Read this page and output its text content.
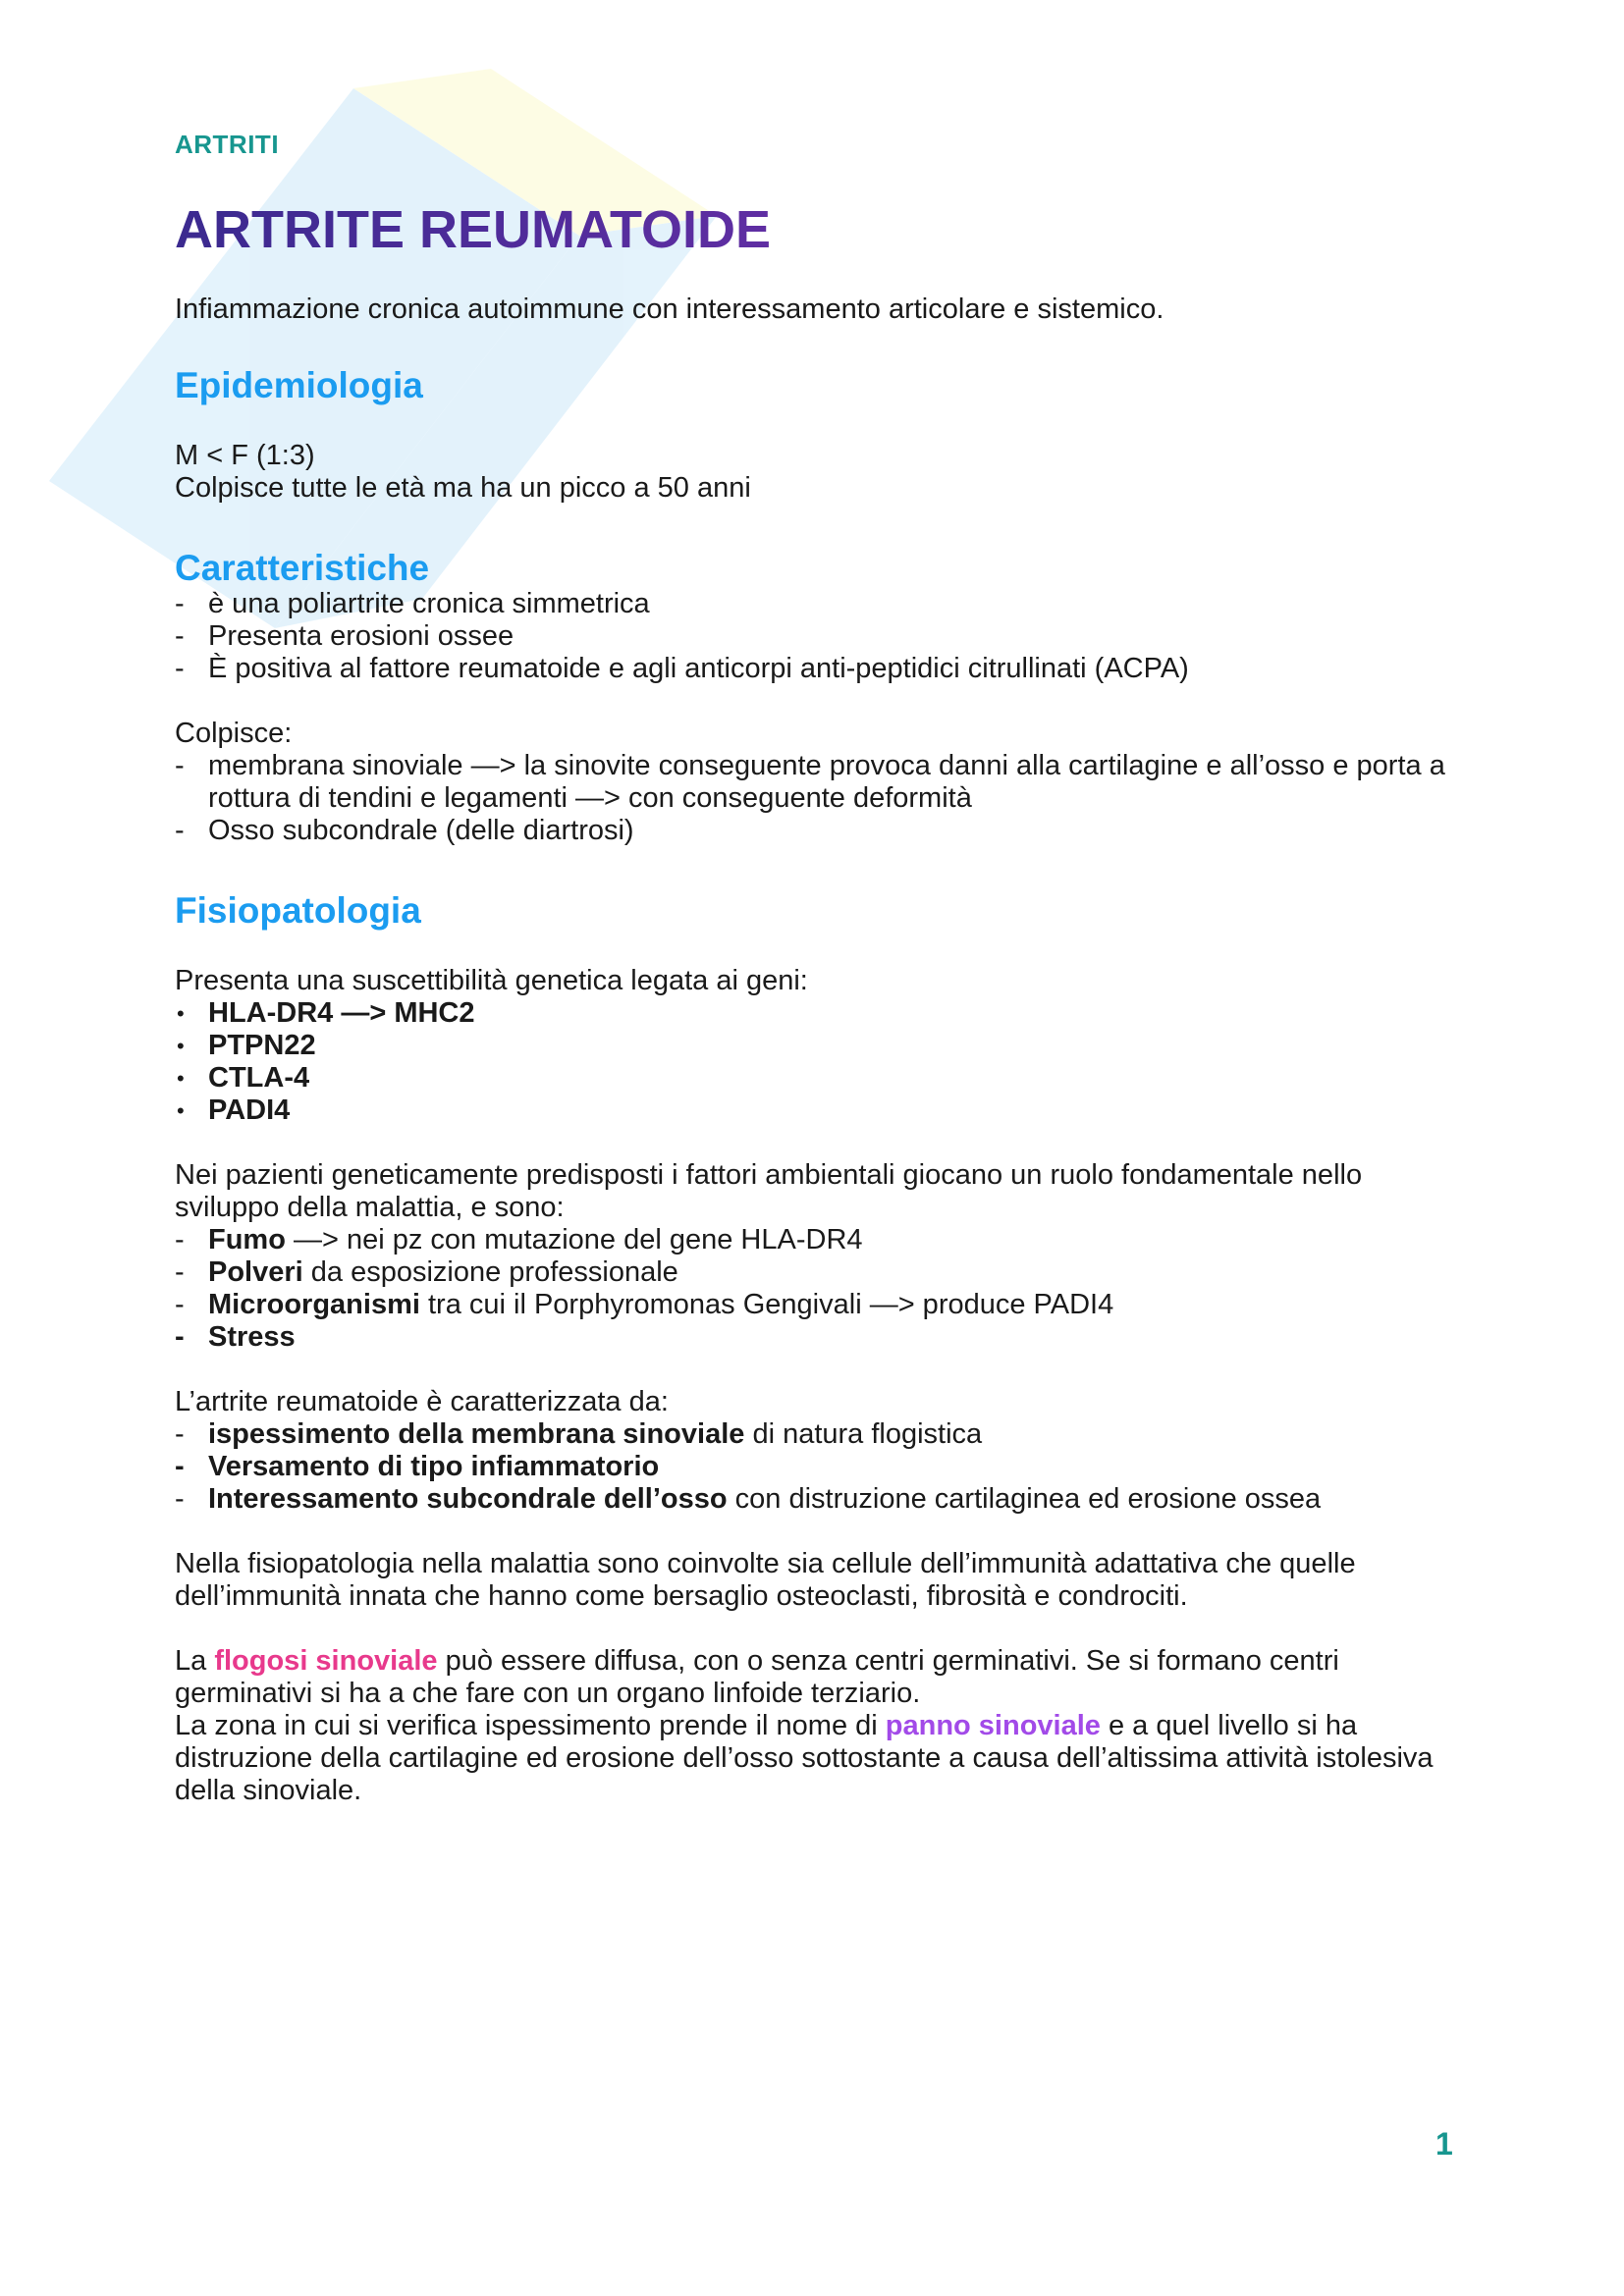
ARTRITI
ARTRITE REUMATOIDE

Infiammazione cronica autoimmune con interessamento articolare e sistemico.

Epidemiologia

M < F (1:3)

Colpisce tutte le età ma ha un picco a 50 anni

Caratteristiche
- è una poliartrite cronica simmetrica
- Presenta erosioni ossee
- È positiva al fattore reumatoide e agli anticorpi anti-peptidici citrullinati (ACPA)

Colpisce:

- membrana sinoviale —> la sinovite conseguente provoca danni alla cartilagine e all’osso e porta a rottura di tendini e legamenti —> con conseguente deformità
- Osso subcondrale (delle diartrosi)
Fisiopatologia

Presenta una suscettibilità genetica legata ai geni:

• HLA-DR4 —> MHC2
• PTPN22
• CTLA-4
• PADI4

Nei pazienti geneticamente predisposti i fattori ambientali giocano un ruolo fondamentale nello sviluppo della malattia, e sono:

- Fumo —> nei pz con mutazione del gene HLA-DR4
- Polveri da esposizione professionale
- Microorganismi tra cui il Porphyromonas Gengivali —> produce PADI4
- Stress

L’artrite reumatoide è caratterizzata da:

- ispessimento della membrana sinoviale di natura flogistica
- Versamento di tipo infiammatorio
- Interessamento subcondrale dell’osso con distruzione cartilaginea ed erosione ossea

Nella fisiopatologia nella malattia sono coinvolte sia cellule dell’immunità adattativa che quelle dell’immunità innata che hanno come bersaglio osteoclasti, fibrosità e condrociti.

La flogosi sinoviale può essere diffusa, con o senza centri germinativi. Se si formano centri germinativi si ha a che fare con un organo linfoide terziario.

La zona in cui si verifica ispessimento prende il nome di panno sinoviale e a quel livello si ha distruzione della cartilagine ed erosione dell’osso sottostante a causa dell’altissima attività istolesiva della sinoviale.

1
